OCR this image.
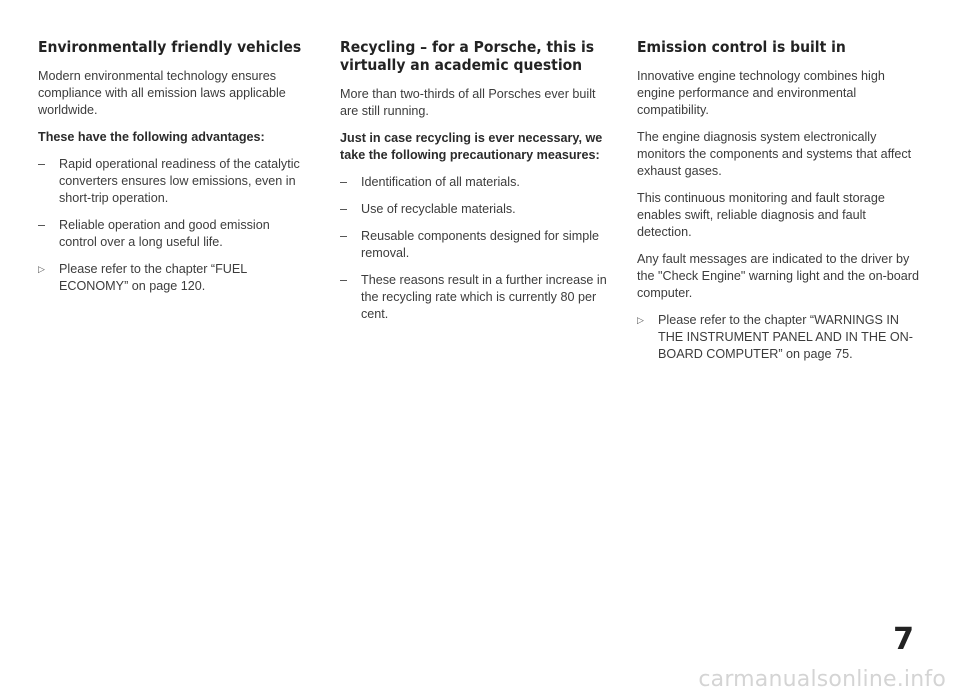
Environmentally friendly vehicles

Modern environmental technology ensures compliance with all emission laws applicable worldwide.

These have the following advantages:

–	Rapid operational readiness of the catalytic converters ensures low emissions, even in short-trip operation.
–	Reliable operation and good emission control over a long useful life.
▷	Please refer to the chapter “FUEL ECONOMY” on page 120.
Recycling – for a Porsche, this is virtually an academic question

More than two-thirds of all Porsches ever built are still running.

Just in case recycling is ever necessary, we take the following precautionary measures:

–	Identification of all materials.
–	Use of recyclable materials.
–	Reusable components designed for simple removal.
–	These reasons result in a further increase in the recycling rate which is currently 80 per cent.
Emission control is built in

Innovative engine technology combines high engine performance and environmental compatibility.

The engine diagnosis system electronically monitors the components and systems that affect exhaust gases.

This continuous monitoring and fault storage enables swift, reliable diagnosis and fault detection.

Any fault messages are indicated to the driver by the "Check Engine" warning light and the on-board computer.

▷	Please refer to the chapter “WARNINGS IN THE INSTRUMENT PANEL AND IN THE ON-BOARD COMPUTER” on page 75.
7
carmanualsonline.info
